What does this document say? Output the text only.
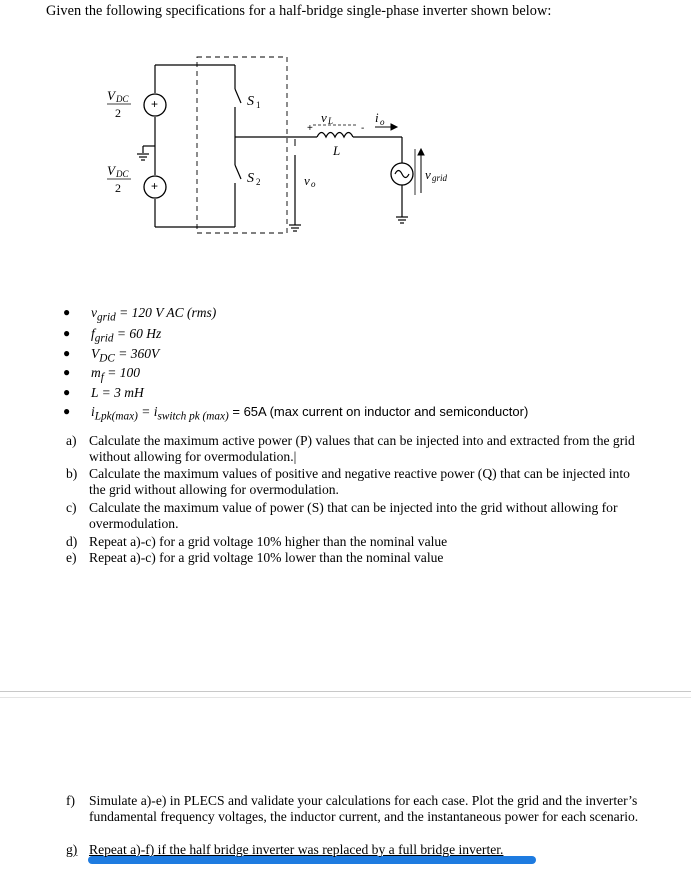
Given the following specifications for a half-bridge single-phase inverter shown below:
+
-
+
-
V DC
2
V DC
2
S 1
S 2
v L
+	-
L
i o
v o
v grid
● $v_{grid} = 120$ V AC (rms)
● $f_{grid} = 60$ Hz
● $V_{DC} = 360V$
● $m_f = 100$
● L = 3 mH
● $i_{Lpk(max)} = i_{switch pk (max)} = 65A$ (max current on inductor and semiconductor)
a) Calculate the maximum active power (P) values that can be injected into and extracted from the grid without allowing for overmodulation.|
b) Calculate the maximum values of positive and negative reactive power (Q) that can be injected into the grid without allowing for overmodulation.
c) Calculate the maximum value of power (S) that can be injected into the grid without allowing for overmodulation.
d) Repeat a)-c) for a grid voltage 10% higher than the nominal value
e) Repeat a)-c) for a grid voltage 10% lower than the nominal value
f) Simulate a)-e) in PLECS and validate your calculations for each case. Plot the grid and the inverter’s fundamental frequency voltages, the inductor current, and the instantaneous power for each scenario.
g) Repeat a)-f) if the half bridge inverter was replaced by a full bridge inverter.
